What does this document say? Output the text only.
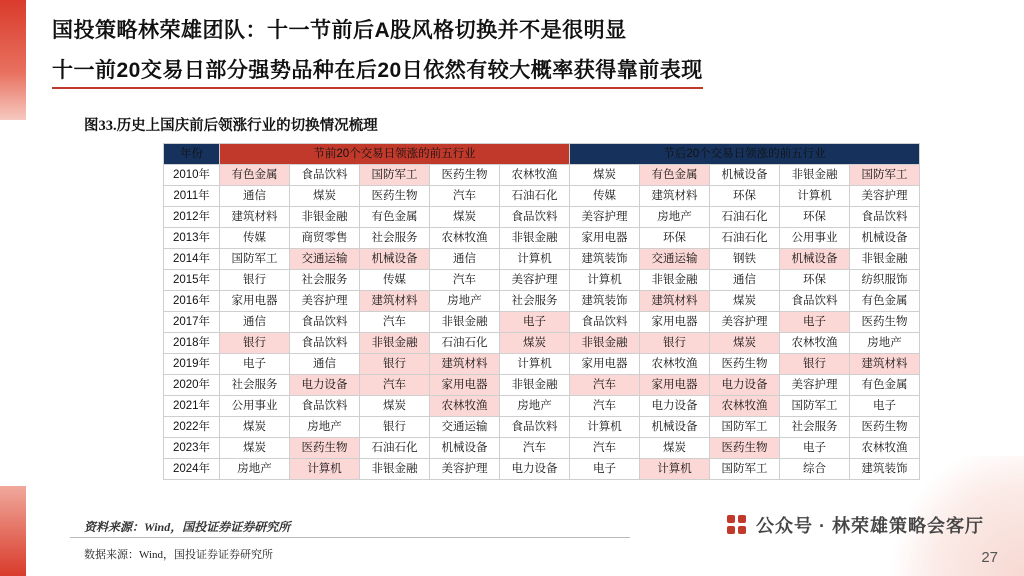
国投策略林荣雄团队：十一节前后A股风格切换并不是很明显
十一前20交易日部分强势品种在后20日依然有较大概率获得靠前表现
图33.历史上国庆前后领涨行业的切换情况梳理
年份	节前20个交易日领涨的前五行业					节后20个交易日领涨的前五行业				
2010年	有色金属	食品饮料	国防军工	医药生物	农林牧渔	煤炭	有色金属	机械设备	非银金融	国防军工
2011年	通信	煤炭	医药生物	汽车	石油石化	传媒	建筑材料	环保	计算机	美容护理
2012年	建筑材料	非银金融	有色金属	煤炭	食品饮料	美容护理	房地产	石油石化	环保	食品饮料
2013年	传媒	商贸零售	社会服务	农林牧渔	非银金融	家用电器	环保	石油石化	公用事业	机械设备
2014年	国防军工	交通运输	机械设备	通信	计算机	建筑装饰	交通运输	钢铁	机械设备	非银金融
2015年	银行	社会服务	传媒	汽车	美容护理	计算机	非银金融	通信	环保	纺织服饰
2016年	家用电器	美容护理	建筑材料	房地产	社会服务	建筑装饰	建筑材料	煤炭	食品饮料	有色金属
2017年	通信	食品饮料	汽车	非银金融	电子	食品饮料	家用电器	美容护理	电子	医药生物
2018年	银行	食品饮料	非银金融	石油石化	煤炭	非银金融	银行	煤炭	农林牧渔	房地产
2019年	电子	通信	银行	建筑材料	计算机	家用电器	农林牧渔	医药生物	银行	建筑材料
2020年	社会服务	电力设备	汽车	家用电器	非银金融	汽车	家用电器	电力设备	美容护理	有色金属
2021年	公用事业	食品饮料	煤炭	农林牧渔	房地产	汽车	电力设备	农林牧渔	国防军工	电子
2022年	煤炭	房地产	银行	交通运输	食品饮料	计算机	机械设备	国防军工	社会服务	医药生物
2023年	煤炭	医药生物	石油石化	机械设备	汽车	汽车	煤炭	医药生物	电子	农林牧渔
2024年	房地产	计算机	非银金融	美容护理	电力设备	电子	计算机	国防军工	综合	建筑装饰
资料来源：Wind，国投证券证券研究所
数据来源：Wind，国投证券证券研究所
公众号 · 林荣雄策略会客厅
27
